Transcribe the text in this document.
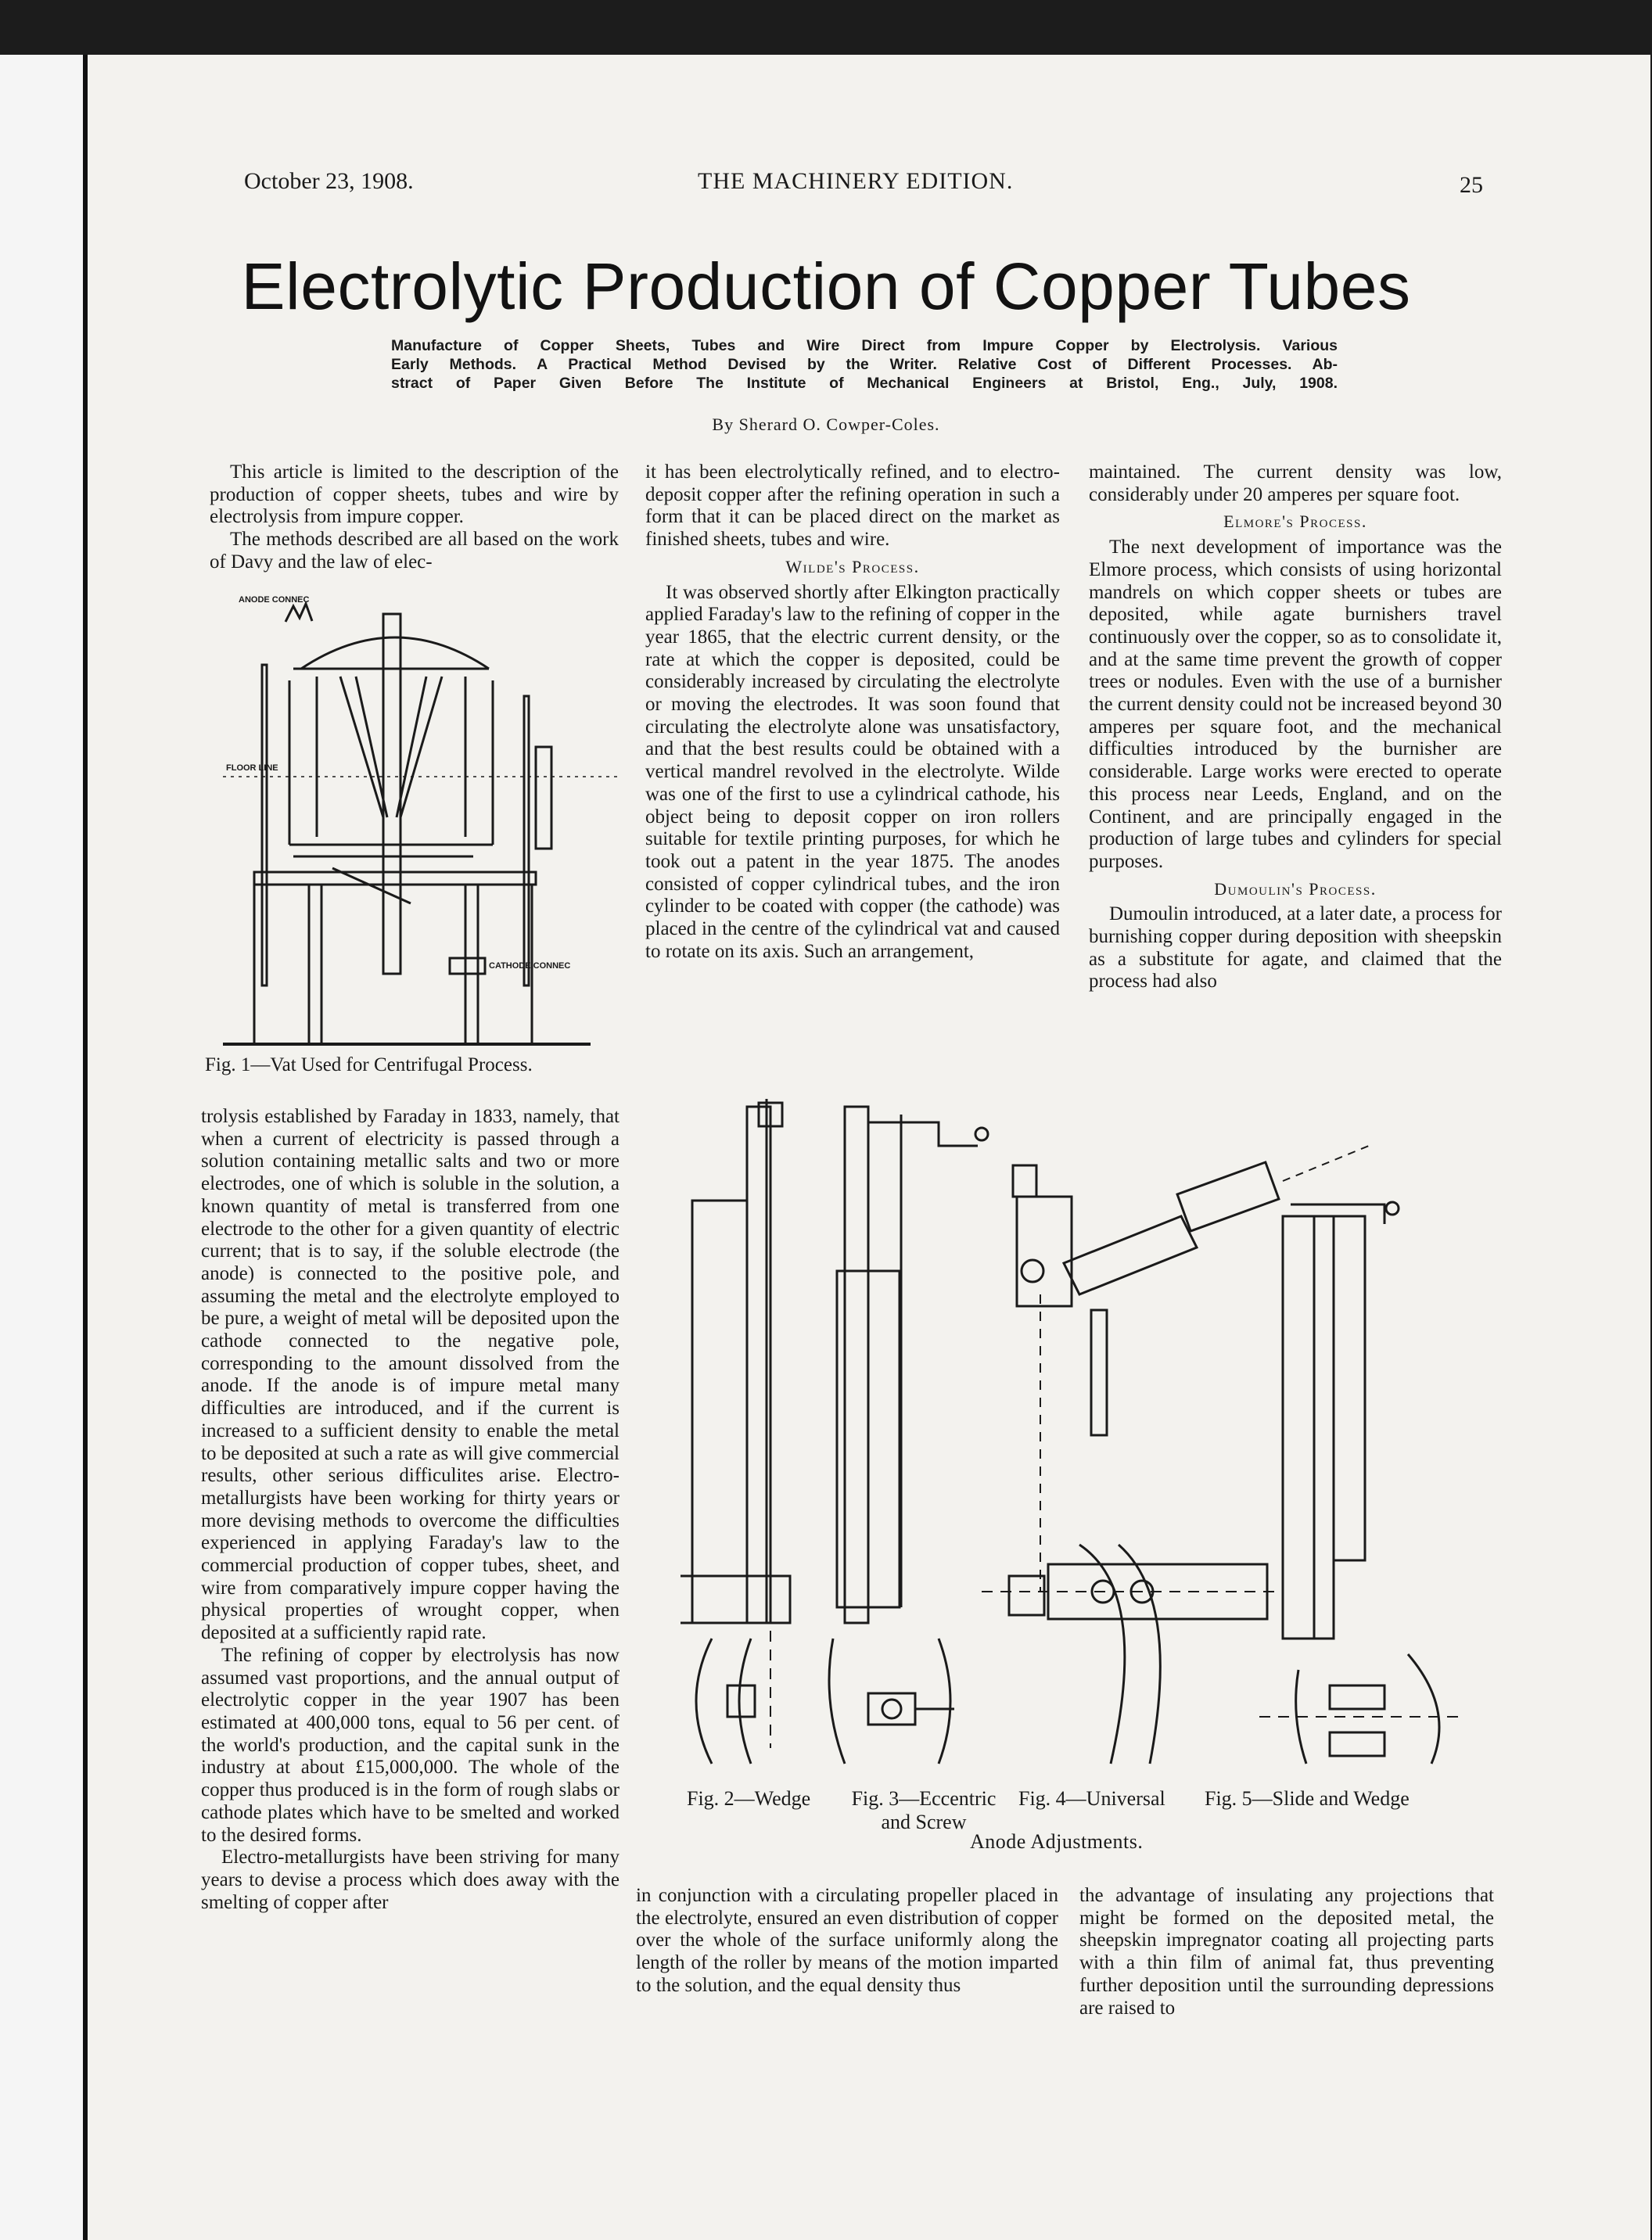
October 23, 1908.	THE MACHINERY EDITION.	25
Electrolytic Production of Copper Tubes
Manufacture of Copper Sheets, Tubes and Wire Direct from Impure Copper by Electrolysis. Various
Early Methods. A Practical Method Devised by the Writer. Relative Cost of Different Processes. Ab-
stract of Paper Given Before The Institute of Mechanical Engineers at Bristol, Eng., July, 1908.
By Sherard O. Cowper-Coles.

This article is limited to the description of the production of copper sheets, tubes and wire by electrolysis from impure copper.

The methods described are all based on the work of Davy and the law of elec-

ANODE CONNEC
FLOOR LINE
CATHODE CONNEC
Fig. 1—Vat Used for Centrifugal Process.

trolysis established by Faraday in 1833, namely, that when a current of electricity is passed through a solution containing metallic salts and two or more electrodes, one of which is soluble in the solution, a known quantity of metal is transferred from one electrode to the other for a given quantity of electric current; that is to say, if the soluble electrode (the anode) is connected to the positive pole, and assuming the metal and the electrolyte employed to be pure, a weight of metal will be deposited upon the cathode connected to the negative pole, corresponding to the amount dissolved from the anode. If the anode is of impure metal many difficulties are introduced, and if the current is increased to a sufficient density to enable the metal to be deposited at such a rate as will give commercial results, other serious difficulites arise. Electro-metallurgists have been working for thirty years or more devising methods to overcome the difficulties experienced in applying Faraday's law to the commercial production of copper tubes, sheet, and wire from comparatively impure copper having the physical properties of wrought copper, when deposited at a sufficiently rapid rate.

The refining of copper by electrolysis has now assumed vast proportions, and the annual output of electrolytic copper in the year 1907 has been estimated at 400,000 tons, equal to 56 per cent. of the world's production, and the capital sunk in the industry at about £15,000,000. The whole of the copper thus produced is in the form of rough slabs or cathode plates which have to be smelted and worked to the desired forms.

Electro-metallurgists have been striving for many years to devise a process which does away with the smelting of copper after

it has been electrolytically refined, and to electro-deposit copper after the refining operation in such a form that it can be placed direct on the market as finished sheets, tubes and wire.

Wilde's Process.

It was observed shortly after Elkington practically applied Faraday's law to the refining of copper in the year 1865, that the electric current density, or the rate at which the copper is deposited, could be considerably increased by circulating the electrolyte or moving the electrodes. It was soon found that circulating the electrolyte alone was unsatisfactory, and that the best results could be obtained with a vertical mandrel revolved in the electrolyte. Wilde was one of the first to use a cylindrical cathode, his object being to deposit copper on iron rollers suitable for textile printing purposes, for which he took out a patent in the year 1875. The anodes consisted of copper cylindrical tubes, and the iron cylinder to be coated with copper (the cathode) was placed in the centre of the cylindrical vat and caused to rotate on its axis. Such an arrangement,

maintained. The current density was low, considerably under 20 amperes per square foot.

Elmore's Process.

The next development of importance was the Elmore process, which consists of using horizontal mandrels on which copper sheets or tubes are deposited, while agate burnishers travel continuously over the copper, so as to consolidate it, and at the same time prevent the growth of copper trees or nodules. Even with the use of a burnisher the current density could not be increased beyond 30 amperes per square foot, and the mechanical difficulties introduced by the burnisher are considerable. Large works were erected to operate this process near Leeds, England, and on the Continent, and are principally engaged in the production of large tubes and cylinders for special purposes.

Dumoulin's Process.

Dumoulin introduced, at a later date, a process for burnishing copper during deposition with sheepskin as a substitute for agate, and claimed that the process had also

Fig. 2—Wedge Fig. 3—Eccentric and Screw
Fig. 4—Universal Fig. 5—Slide and Wedge
Anode Adjustments.

in conjunction with a circulating propeller placed in the electrolyte, ensured an even distribution of copper over the whole of the surface uniformly along the length of the roller by means of the motion imparted to the solution, and the equal density thus

the advantage of insulating any projections that might be formed on the deposited metal, the sheepskin impregnator coating all projecting parts with a thin film of animal fat, thus preventing further deposition until the surrounding depressions are raised to
